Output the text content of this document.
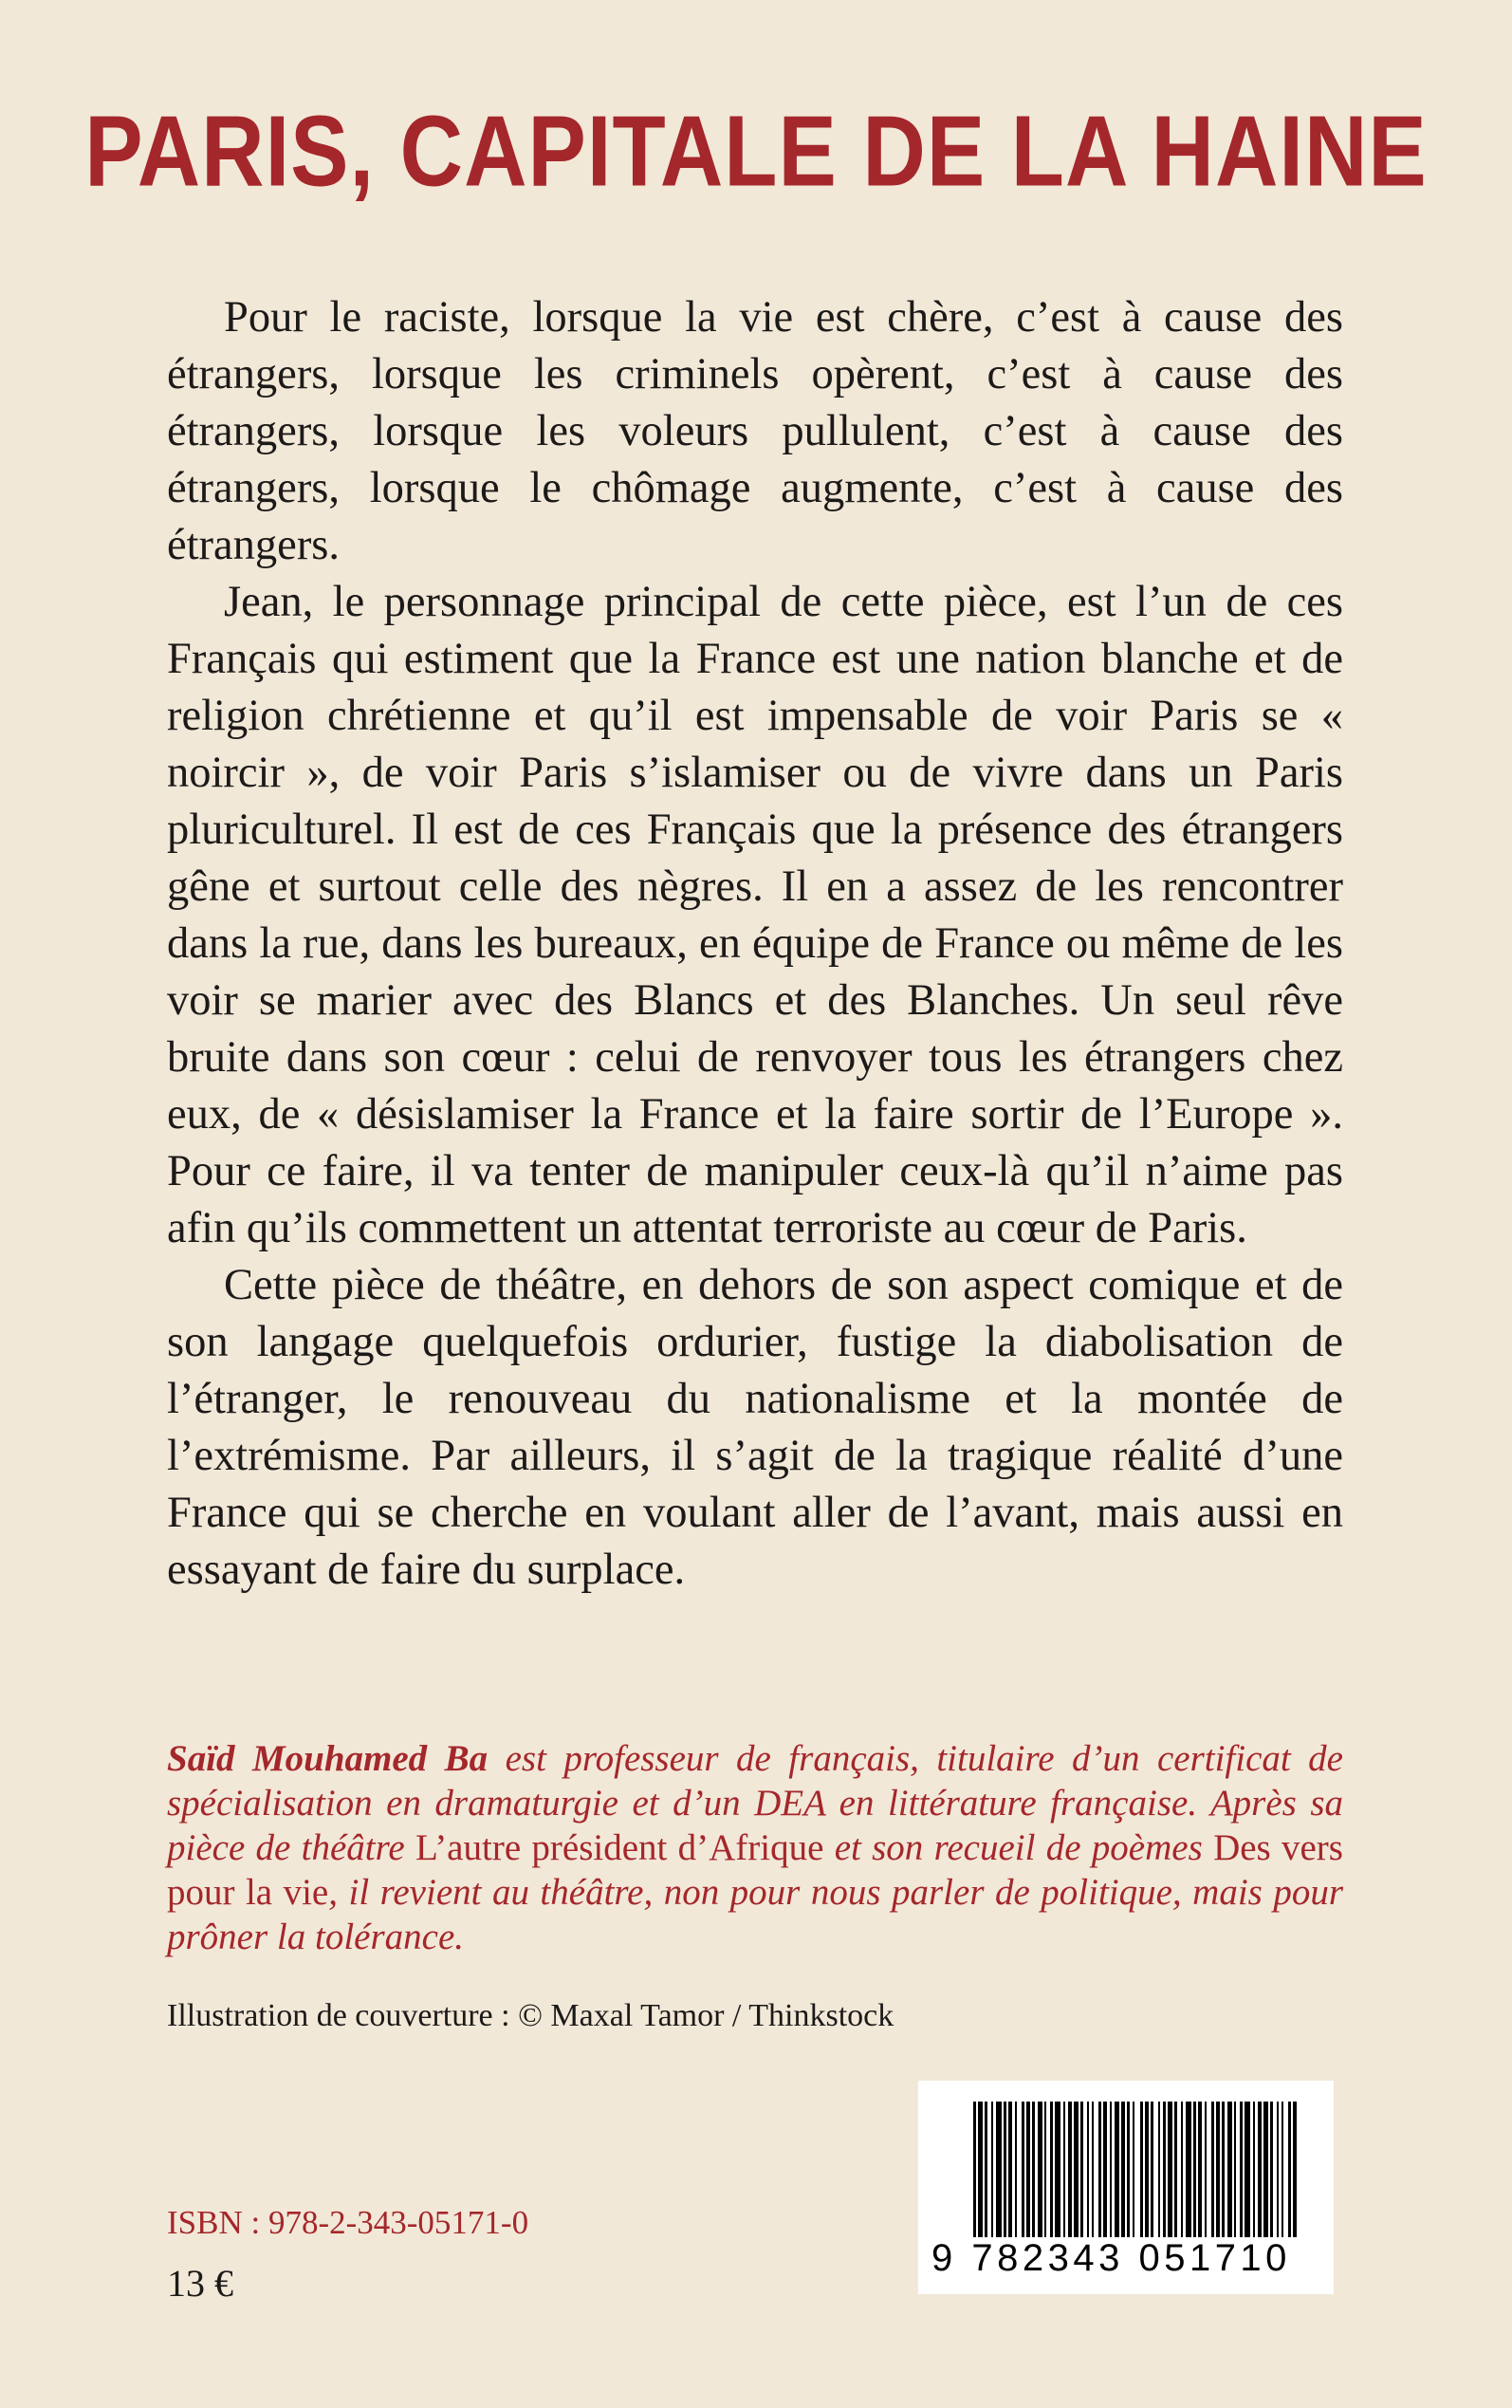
PARIS, CAPITALE DE LA HAINE

Pour le raciste, lorsque la vie est chère, c’est à cause des étrangers, lorsque les criminels opèrent, c’est à cause des étrangers, lorsque les voleurs pullulent, c’est à cause des étrangers, lorsque le chômage augmente, c’est à cause des étrangers.

Jean, le personnage principal de cette pièce, est l’un de ces Français qui estiment que la France est une nation blanche et de religion chrétienne et qu’il est impensable de voir Paris se « noircir », de voir Paris s’islamiser ou de vivre dans un Paris pluriculturel. Il est de ces Français que la présence des étrangers gêne et surtout celle des nègres. Il en a assez de les rencontrer dans la rue, dans les bureaux, en équipe de France ou même de les voir se marier avec des Blancs et des Blanches. Un seul rêve bruite dans son cœur : celui de renvoyer tous les étrangers chez eux, de « désislamiser la France et la faire sortir de l’Europe ». Pour ce faire, il va tenter de manipuler ceux-là qu’il n’aime pas afin qu’ils commettent un attentat terroriste au cœur de Paris.

Cette pièce de théâtre, en dehors de son aspect comique et de son langage quelquefois ordurier, fustige la diabolisation de l’étranger, le renouveau du nationalisme et la montée de l’extrémisme. Par ailleurs, il s’agit de la tragique réalité d’une France qui se cherche en voulant aller de l’avant, mais aussi en essayant de faire du surplace.

Saïd Mouhamed Ba est professeur de français, titulaire d’un certificat de spécialisation en dramaturgie et d’un DEA en littérature française. Après sa pièce de théâtre L’autre président d’Afrique et son recueil de poèmes Des vers pour la vie, il revient au théâtre, non pour nous parler de politique, mais pour prôner la tolérance.
Illustration de couverture : © Maxal Tamor / Thinkstock
9 782343 051710
ISBN : 978-2-343-05171-0
13 €
